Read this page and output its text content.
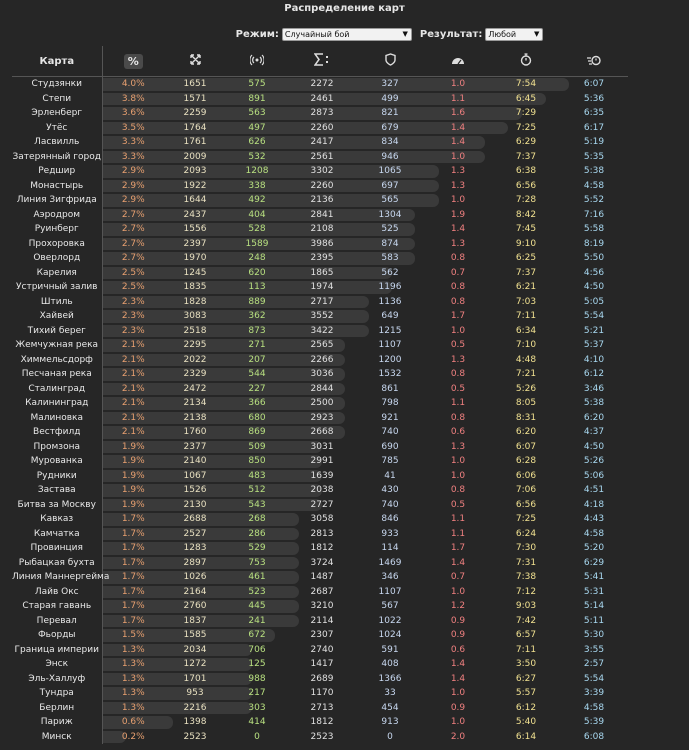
Распределение карт
Режим: Случайный бой	▼ Результат: Любой	▼
Карта	%							

Студзянки	4.0%	1651	575	2272	327	1.0	7:54	6:07

Степи	3.8%	1571	891	2461	499	1.1	6:45	5:36

Эрленберг	3.6%	2259	563	2873	821	1.6	7:29	6:35

Утёс	3.5%	1764	497	2260	679	1.4	7:25	6:17

Ласвилль	3.3%	1761	626	2417	834	1.4	6:29	5:19

Затерянный город	3.3%	2009	532	2561	946	1.0	7:37	5:35

Редшир	2.9%	2093	1208	3302	1065	1.3	6:38	5:38

Монастырь	2.9%	1922	338	2260	697	1.3	6:56	4:58

Линия Зигфрида	2.9%	1644	492	2136	565	1.0	7:28	5:52

Аэродром	2.7%	2437	404	2841	1304	1.9	8:42	7:16

Руинберг	2.7%	1556	528	2108	525	1.4	7:45	5:58

Прохоровка	2.7%	2397	1589	3986	874	1.3	9:10	8:19

Оверлорд	2.7%	1970	248	2395	583	0.8	6:25	5:50

Карелия	2.5%	1245	620	1865	562	0.7	7:37	4:56

Устричный залив	2.5%	1835	113	1974	1196	0.8	6:21	4:50

Штиль	2.3%	1828	889	2717	1136	0.8	7:03	5:05

Хайвей	2.3%	3083	362	3552	649	1.7	7:11	5:54

Тихий берег	2.3%	2518	873	3422	1215	1.0	6:34	5:21

Жемчужная река	2.1%	2295	271	2565	1107	0.5	7:10	5:37

Химмельсдорф	2.1%	2022	207	2266	1200	1.3	4:48	4:10

Песчаная река	2.1%	2329	544	3036	1532	0.8	7:21	6:12

Сталинград	2.1%	2472	227	2844	861	0.5	5:26	3:46

Калининград	2.1%	2134	366	2500	798	1.1	8:05	5:38

Малиновка	2.1%	2138	680	2923	921	0.8	8:31	6:20

Вестфилд	2.1%	1760	869	2668	740	0.6	6:20	4:37

Промзона	1.9%	2377	509	3031	690	1.3	6:07	4:50

Мурованка	1.9%	2140	850	2991	785	1.0	6:28	5:26

Рудники	1.9%	1067	483	1639	41	1.0	6:06	5:06

Застава	1.9%	1526	512	2038	430	0.8	7:06	4:51

Битва за Москву	1.9%	2130	543	2727	740	0.5	6:56	4:18

Кавказ	1.7%	2688	268	3058	846	1.1	7:25	4:43

Камчатка	1.7%	2527	286	2813	933	1.1	6:24	4:58

Провинция	1.7%	1283	529	1812	114	1.7	7:30	5:20

Рыбацкая бухта	1.7%	2897	753	3724	1469	1.4	7:31	6:29

Линия Маннергейма	1.7%	1026	461	1487	346	0.7	7:38	5:41

Лайв Окс	1.7%	2164	523	2687	1107	1.0	7:12	5:31

Старая гавань	1.7%	2760	445	3210	567	1.2	9:03	5:14

Перевал	1.7%	1837	241	2114	1022	0.9	7:42	5:11

Фьорды	1.5%	1585	672	2307	1024	0.9	6:57	5:30

Граница империи	1.3%	2034	706	2740	591	0.6	7:11	3:55

Энск	1.3%	1272	125	1417	408	1.4	3:50	2:57

Эль-Халлуф	1.3%	1701	988	2689	1366	1.4	6:27	5:54

Тундра	1.3%	953	217	1170	33	1.0	5:57	3:39

Берлин	1.3%	2216	303	2713	454	0.9	6:12	4:58

Париж	0.6%	1398	414	1812	913	1.0	5:40	5:39

Минск	0.2%	2523	0	2523	0	2.0	6:14	6:08
